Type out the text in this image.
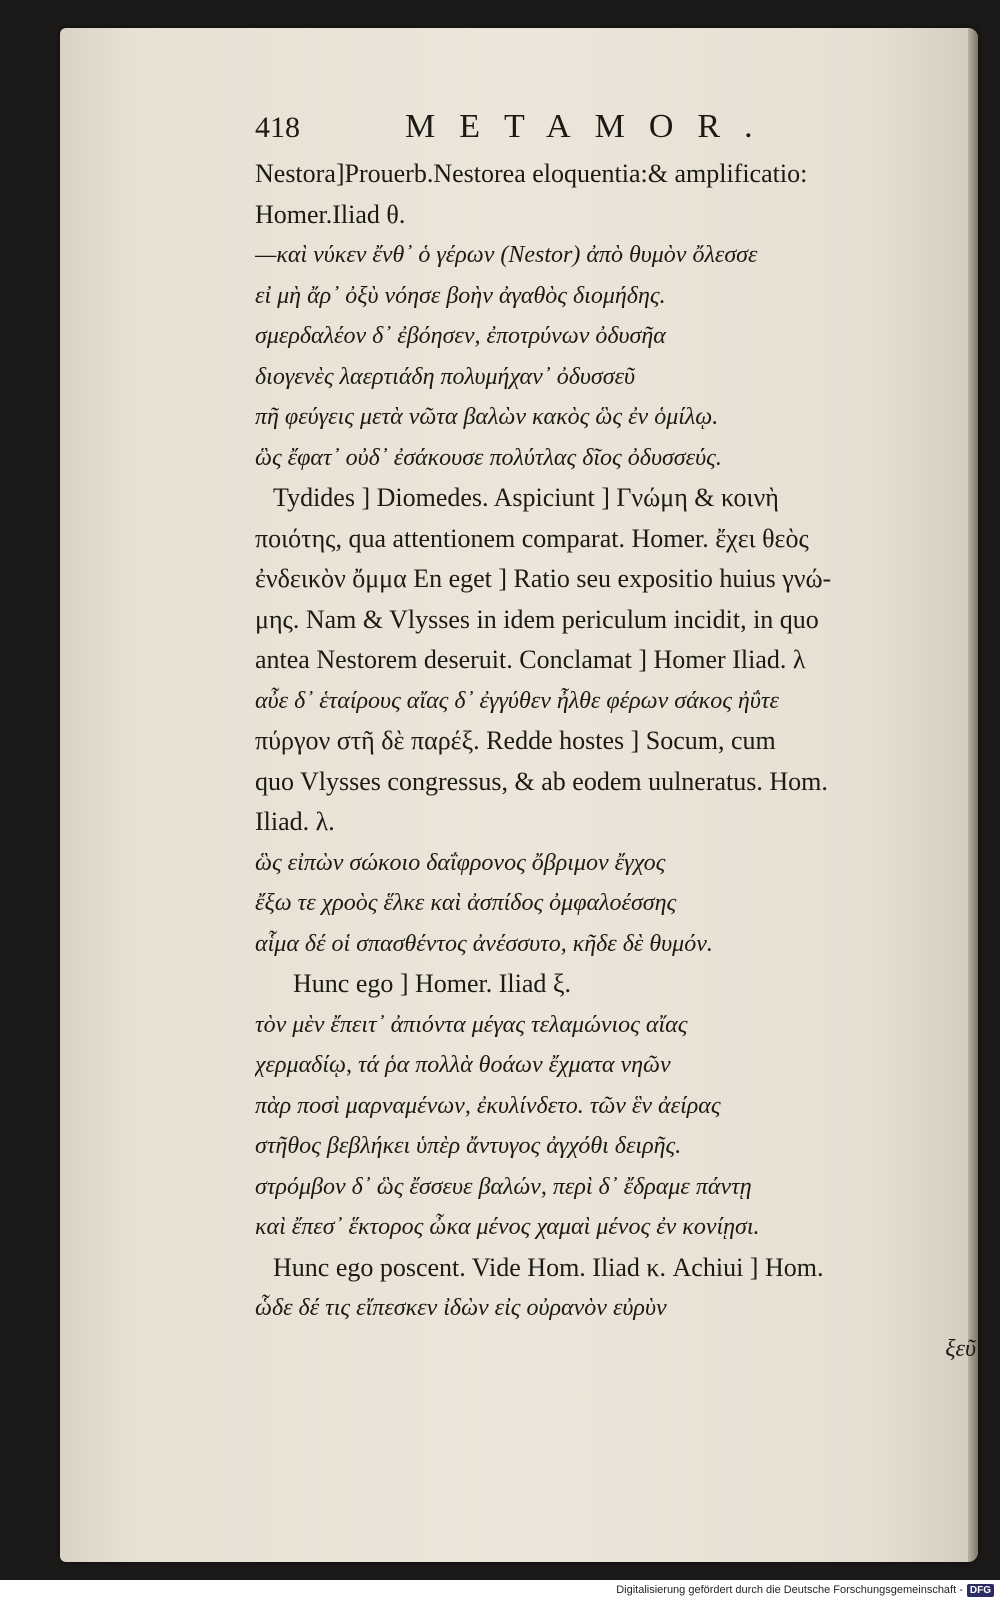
418	METAMOR.
Nestora]Prouerb.Nestorea eloquentia:& amplificatio:
Homer.Iliad θ.
—καὶ νύκεν ἔνθ᾽ ὁ γέρων (Nestor) ἀπὸ θυμὸν ὄλεσσε
εἰ μὴ ἄρ᾽ ὀξὺ νόησε βοὴν ἀγαθὸς διομήδης.
σμερδαλέον δ᾽ ἐβόησεν, ἐποτρύνων ὀδυσῆα
διογενὲς λαερτιάδη πολυμήχαν᾽ ὀδυσσεῦ
πῆ φεύγεις μετὰ νῶτα βαλὼν κακὸς ὣς ἐν ὁμίλῳ.
ὣς ἔφατ᾽ οὐδ᾽ ἐσάκουσε πολύτλας δῖος ὀδυσσεύς.
Tydides ] Diomedes. Aspiciunt ] Γνώμη & κοινὴ
ποιότης, qua attentionem comparat. Homer. ἔχει θεὸς
ἐνδεικὸν ὄμμα En eget ] Ratio seu expositio huius γνώ-
μης. Nam & Vlysses in idem periculum incidit, in quo
antea Nestorem deseruit. Conclamat ] Homer Iliad. λ
αὖε δ᾽ ἑταίρους αἴας δ᾽ ἐγγύθεν ἦλθε φέρων σάκος ἠΰτε
πύργον στῆ δὲ παρέξ. Redde hostes ] Socum, cum
quo Vlysses congressus, & ab eodem uulneratus. Hom.
Iliad. λ.
ὣς εἰπὼν σώκοιο δαΐφρονος ὄβριμον ἔγχος
ἔξω τε χροὸς ἕλκε καὶ ἀσπίδος ὀμφαλοέσσης
αἷμα δέ οἱ σπασθέντος ἀνέσσυτο, κῆδε δὲ θυμόν.
Hunc ego ] Homer. Iliad ξ.
τὸν μὲν ἔπειτ᾽ ἀπιόντα μέγας τελαμώνιος αἴας
χερμαδίῳ, τά ῥα πολλὰ θοάων ἔχματα νηῶν
πὰρ ποσὶ μαρναμένων, ἐκυλίνδετο. τῶν ἓν ἀείρας
στῆθος βεβλήκει ὑπὲρ ἄντυγος ἀγχόθι δειρῆς.
στρόμβον δ᾽ ὣς ἔσσευε βαλών, περὶ δ᾽ ἔδραμε πάντῃ
καὶ ἔπεσ᾽ ἕκτορος ὦκα μένος χαμαὶ μένος ἐν κονίῃσι.
Hunc ego poscent. Vide Hom. Iliad κ. Achiui ] Hom.
ὧδε δέ τις εἴπεσκεν ἰδὼν εἰς οὐρανὸν εὐρὺν
ξεῦ
Digitalisierung gefördert durch die Deutsche Forschungsgemeinschaft - DFG
